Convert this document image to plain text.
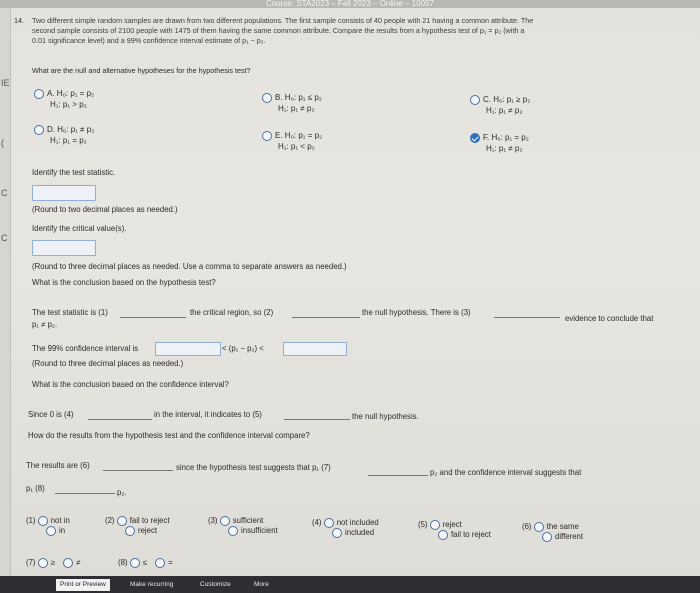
Course: STA2023 – Fall 2023 – Online – 10057
IE
(
C
C
14. Two different simple random samples are drawn from two different populations. The first sample consists of 40 people with 21 having a common attribute. The
second sample consists of 2100 people with 1475 of them having the same common attribute. Compare the results from a hypothesis test of p₁ = p₂ (with a
0.01 significance level) and a 99% confidence interval estimate of p₁ − p₂.
What are the null and alternative hypotheses for the hypothesis test?
A. H₀: p₁ = p₂
H₁: p₁ > p₂
B. H₀: p₁ ≤ p₂
H₁: p₁ ≠ p₂
C. H₀: p₁ ≥ p₂
H₁: p₁ ≠ p₂
D. H₀: p₁ ≠ p₂
H₁: p₁ = p₂
E. H₀: p₁ = p₂
H₁: p₁ < p₂
F. H₀: p₁ = p₂
H₁: p₁ ≠ p₂
Identify the test statistic.
(Round to two decimal places as needed.)
Identify the critical value(s).
(Round to three decimal places as needed. Use a comma to separate answers as needed.)
What is the conclusion based on the hypothesis test?
The test statistic is (1)	the critical region, so (2)	the null hypothesis. There is (3)
evidence to conclude that
p₁ ≠ p₂.
The 99% confidence interval is	< (p₁ − p₂) <
(Round to three decimal places as needed.)
What is the conclusion based on the confidence interval?
Since 0 is (4)	in the interval, it indicates to (5)	the null hypothesis.
How do the results from the hypothesis test and the confidence interval compare?
The results are (6)	since the hypothesis test suggests that p₁ (7)
p₂ and the confidence interval suggests that
p₁ (8)	p₂.
(1) not in
in
(2) fail to reject
reject
(3) sufficient
insufficient
(4) not included
included
(5) reject
fail to reject
(6) the same
different
(7) ≥	≠	(8) ≤	=
Print or Preview	Make recurring	Customize	More
